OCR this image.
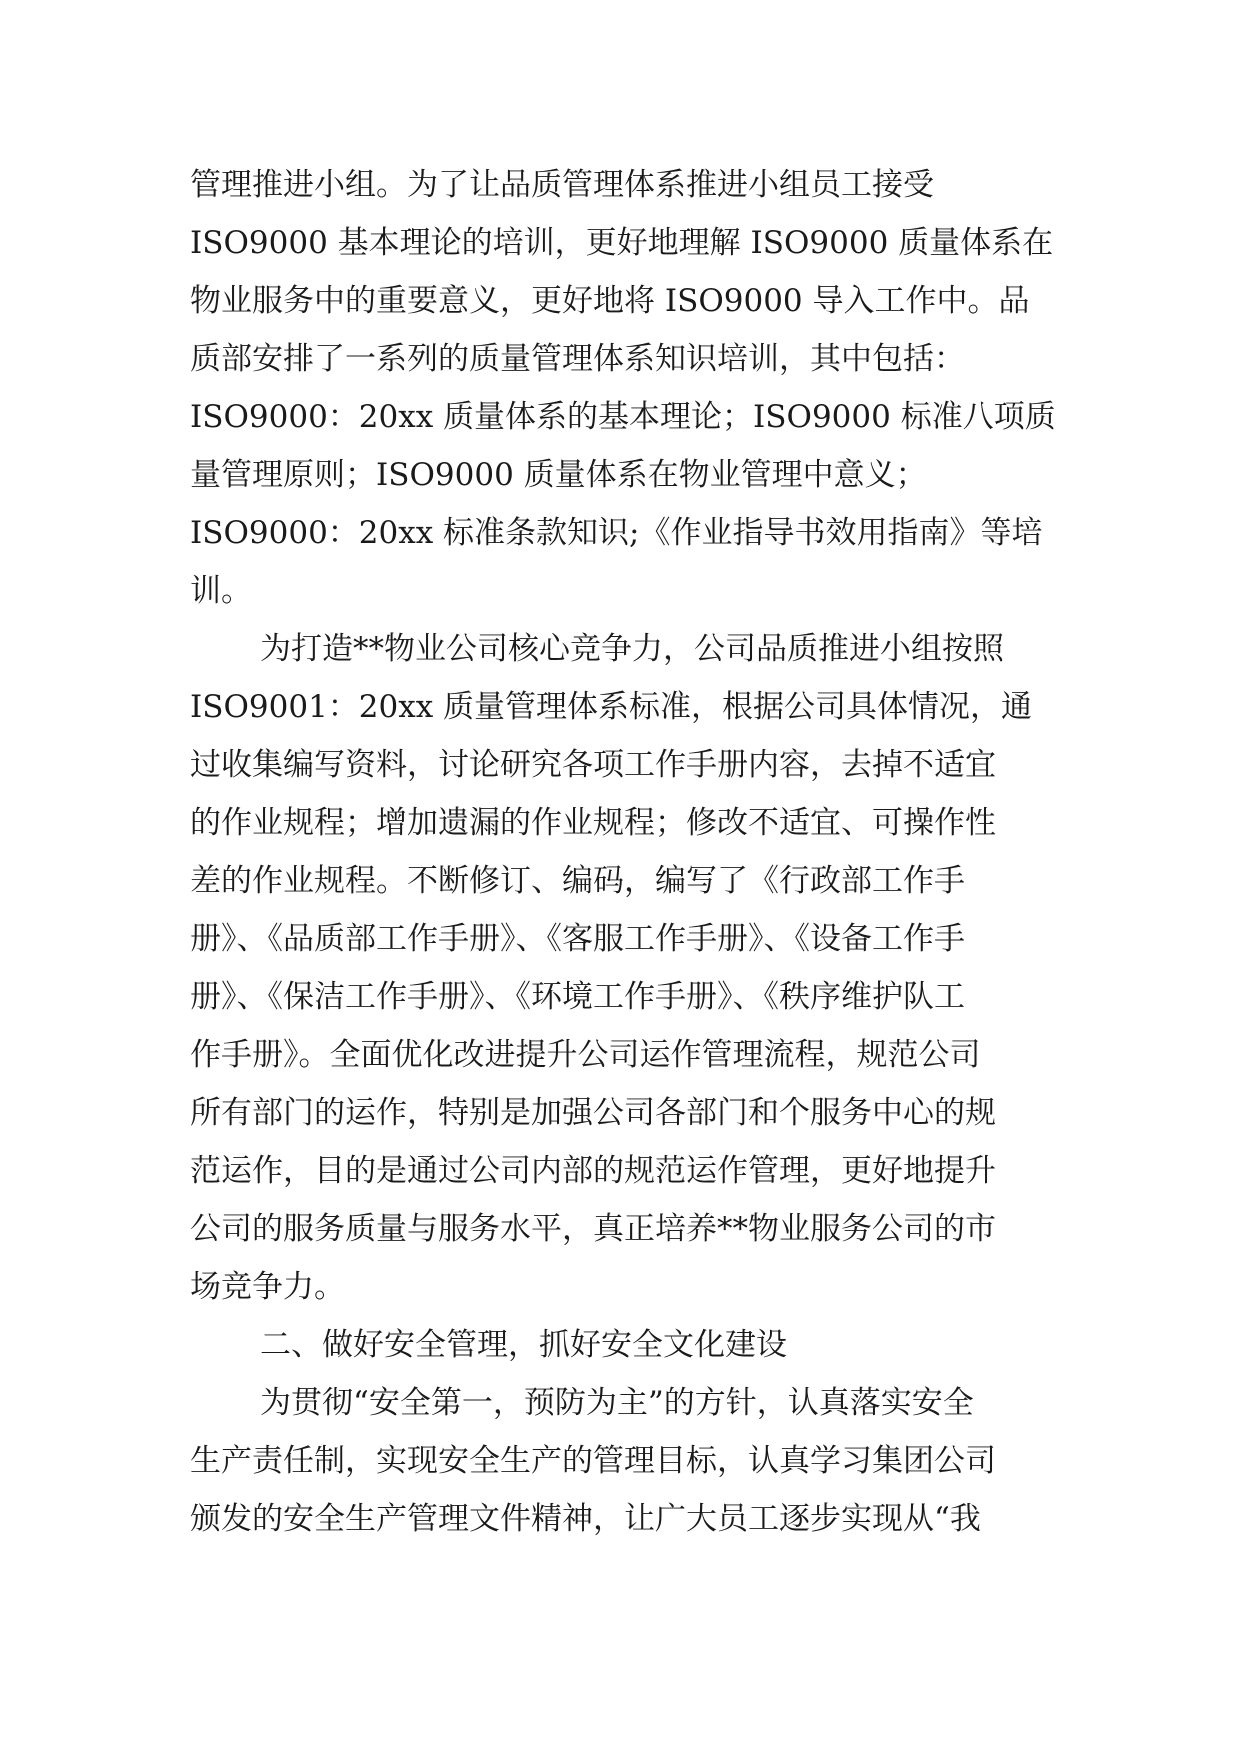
管理推进小组。为了让品质管理体系推进小组员工接受
ISO9000 基本理论的培训，更好地理解 ISO9000 质量体系在
物业服务中的重要意义，更好地将 ISO9000 导入工作中。品
质部安排了一系列的质量管理体系知识培训，其中包括：
ISO9000：20xx 质量体系的基本理论；ISO9000 标准八项质
量管理原则；ISO9000 质量体系在物业管理中意义；
ISO9000：20xx 标准条款知识;《作业指导书效用指南》等培
训。
为打造**物业公司核心竞争力，公司品质推进小组按照
ISO9001：20xx 质量管理体系标准，根据公司具体情况，通
过收集编写资料，讨论研究各项工作手册内容，去掉不适宜
的作业规程；增加遗漏的作业规程；修改不适宜、可操作性
差的作业规程。不断修订、编码，编写了《行政部工作手
册》、《品质部工作手册》、《客服工作手册》、《设备工作手
册》、《保洁工作手册》、《环境工作手册》、《秩序维护队工
作手册》。全面优化改进提升公司运作管理流程，规范公司
所有部门的运作，特别是加强公司各部门和个服务中心的规
范运作，目的是通过公司内部的规范运作管理，更好地提升
公司的服务质量与服务水平，真正培养**物业服务公司的市
场竞争力。
二、做好安全管理，抓好安全文化建设
为贯彻“安全第一，预防为主”的方针，认真落实安全
生产责任制，实现安全生产的管理目标，认真学习集团公司
颁发的安全生产管理文件精神，让广大员工逐步实现从“我
